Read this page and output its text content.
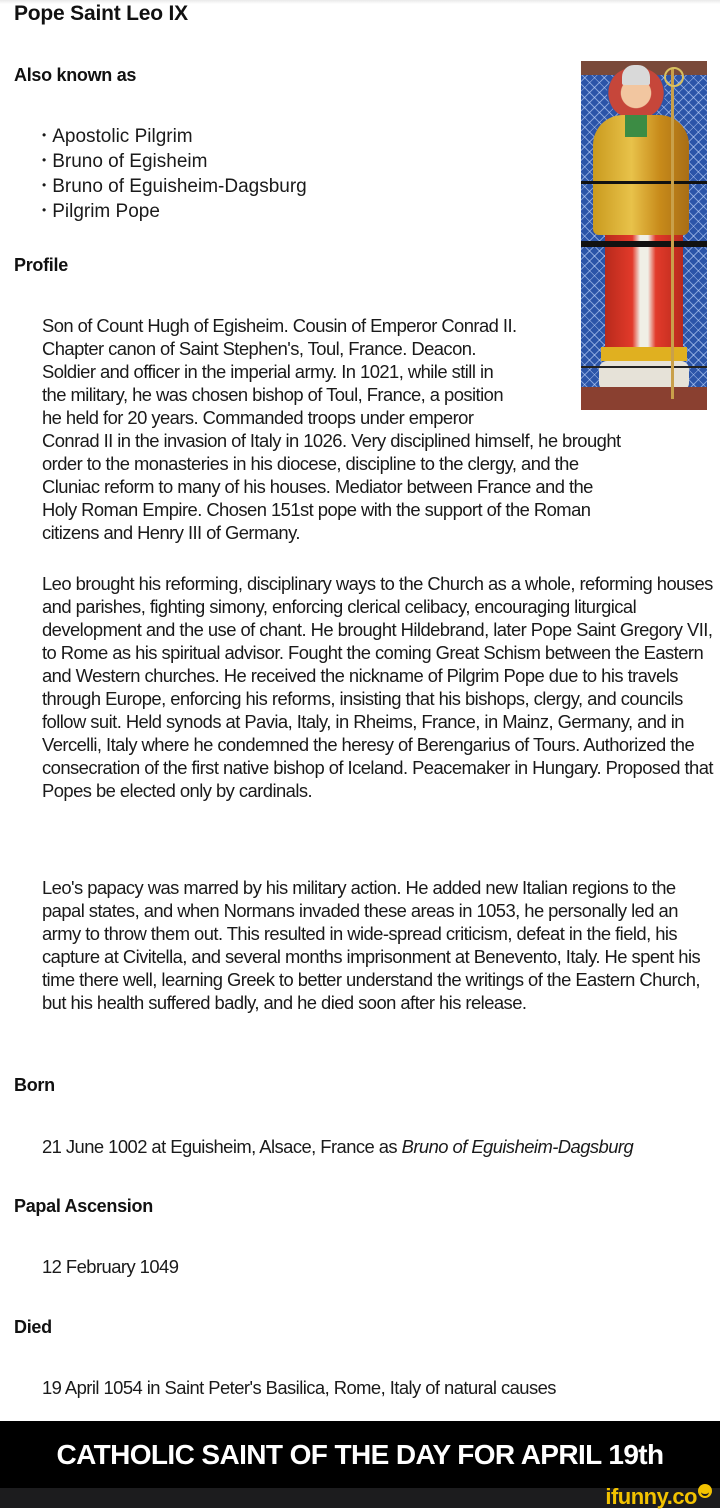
Pope Saint Leo IX
Also known as
• Apostolic Pilgrim
• Bruno of Egisheim
• Bruno of Eguisheim-Dagsburg
• Pilgrim Pope
Profile
Son of Count Hugh of Egisheim. Cousin of Emperor Conrad II.
Chapter canon of Saint Stephen's, Toul, France. Deacon.
Soldier and officer in the imperial army. In 1021, while still in
the military, he was chosen bishop of Toul, France, a position
he held for 20 years. Commanded troops under emperor
Conrad II in the invasion of Italy in 1026. Very disciplined himself, he brought
order to the monasteries in his diocese, discipline to the clergy, and the
Cluniac reform to many of his houses. Mediator between France and the
Holy Roman Empire. Chosen 151st pope with the support of the Roman
citizens and Henry III of Germany.

Leo brought his reforming, disciplinary ways to the Church as a whole, reforming houses and parishes, fighting simony, enforcing clerical celibacy, encouraging liturgical development and the use of chant. He brought Hildebrand, later Pope Saint Gregory VII, to Rome as his spiritual advisor. Fought the coming Great Schism between the Eastern and Western churches. He received the nickname of Pilgrim Pope due to his travels through Europe, enforcing his reforms, insisting that his bishops, clergy, and councils follow suit. Held synods at Pavia, Italy, in Rheims, France, in Mainz, Germany, and in Vercelli, Italy where he condemned the heresy of Berengarius of Tours. Authorized the consecration of the first native bishop of Iceland. Peacemaker in Hungary. Proposed that Popes be elected only by cardinals.

Leo's papacy was marred by his military action. He added new Italian regions to the papal states, and when Normans invaded these areas in 1053, he personally led an army to throw them out. This resulted in wide-spread criticism, defeat in the field, his capture at Civitella, and several months imprisonment at Benevento, Italy. He spent his time there well, learning Greek to better understand the writings of the Eastern Church, but his health suffered badly, and he died soon after his release.

Born

21 June 1002 at Eguisheim, Alsace, France as Bruno of Eguisheim-Dagsburg

Papal Ascension

12 February 1049

Died

19 April 1054 in Saint Peter's Basilica, Rome, Italy of natural causes

CATHOLIC SAINT OF THE DAY FOR APRIL 19th
ifunny.co
